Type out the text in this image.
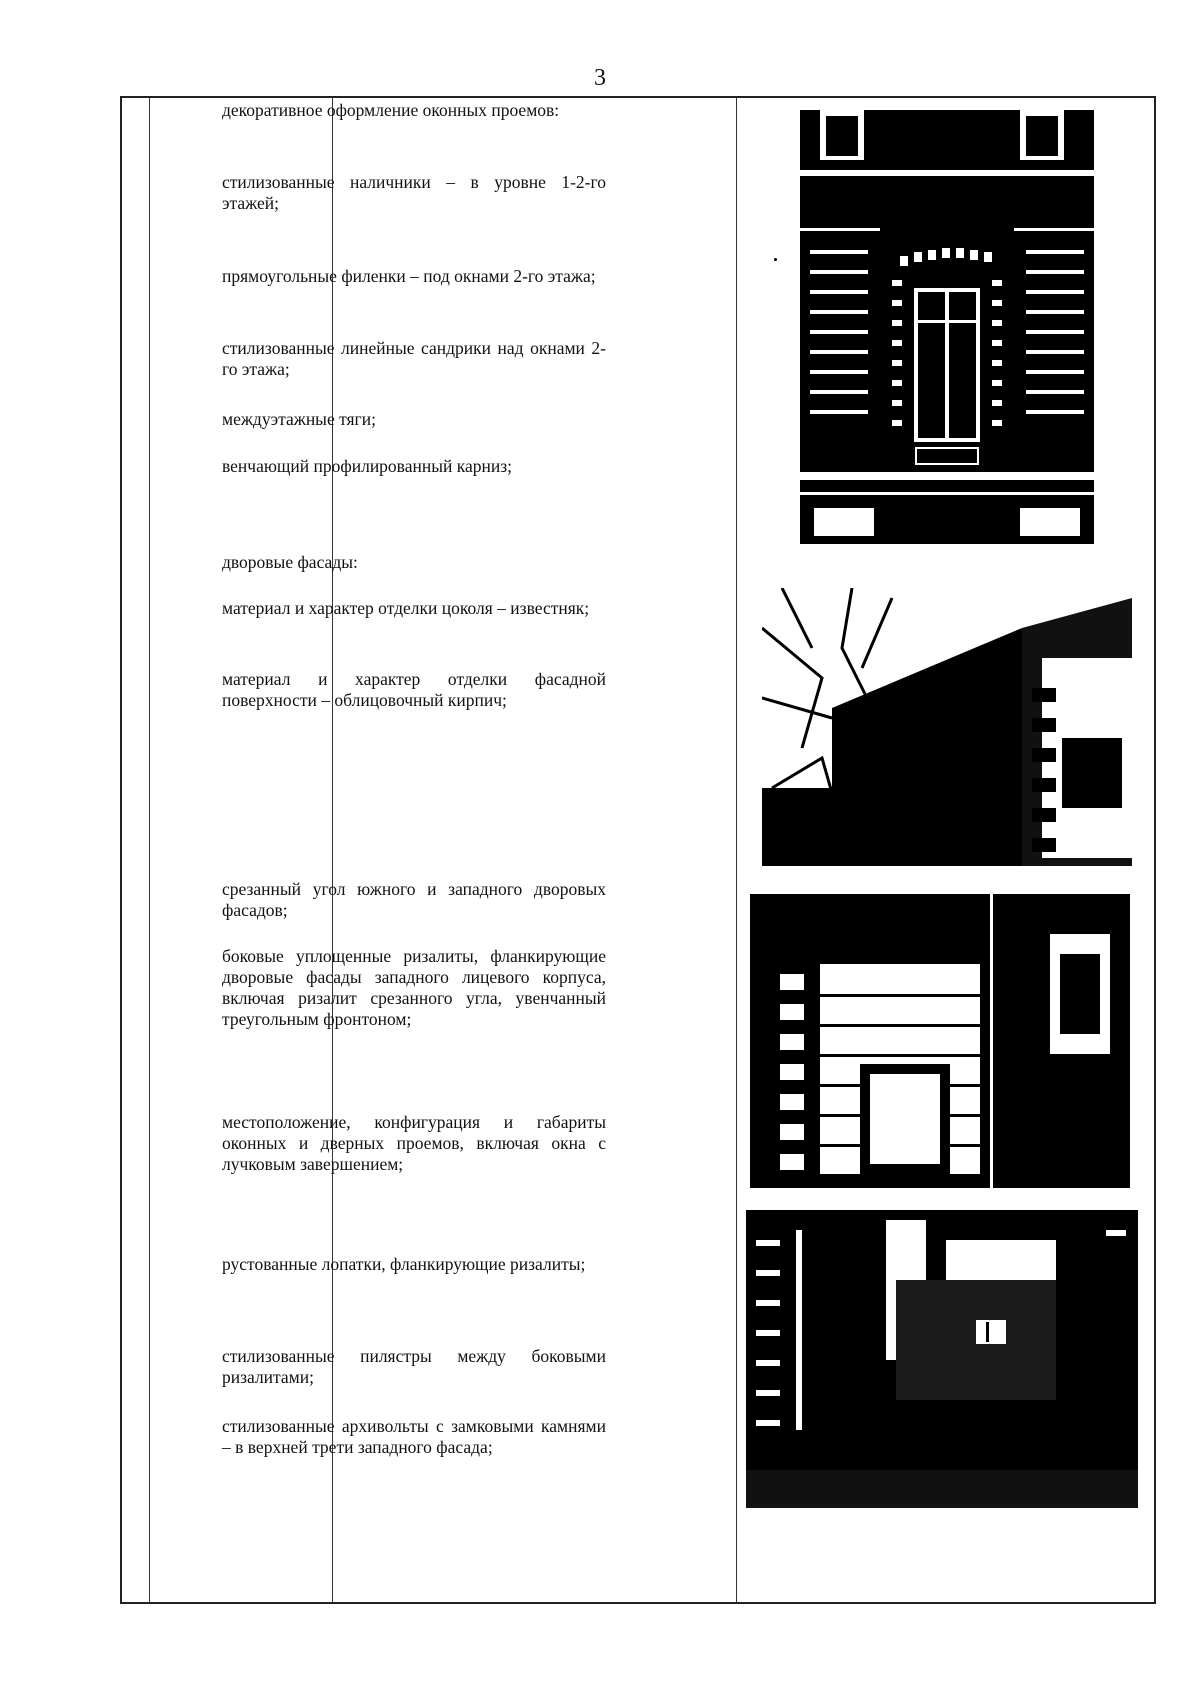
3

декоративное оформление оконных проемов:

стилизованные наличники – в уровне 1-2-го этажей;

прямоугольные филенки – под окнами 2-го этажа;

стилизованные линейные сандрики над окнами 2-го этажа;

междуэтажные тяги;

венчающий профилированный карниз;

дворовые фасады:

материал и характер отделки цоколя – известняк;

материал и характер отделки фасадной поверхности – облицовочный кирпич;

срезанный угол южного и западного дворовых фасадов;

боковые уплощенные ризалиты, фланкирующие дворовые фасады западного лицевого корпуса, включая ризалит срезанного угла, увенчанный треугольным фронтоном;

местоположение, конфигурация и габариты оконных и дверных проемов, включая окна с лучковым завершением;

рустованные лопатки, фланкирующие ризалиты;

стилизованные пилястры между боковыми ризалитами;

стилизованные архивольты с замковыми камнями – в верхней трети западного фасада;
